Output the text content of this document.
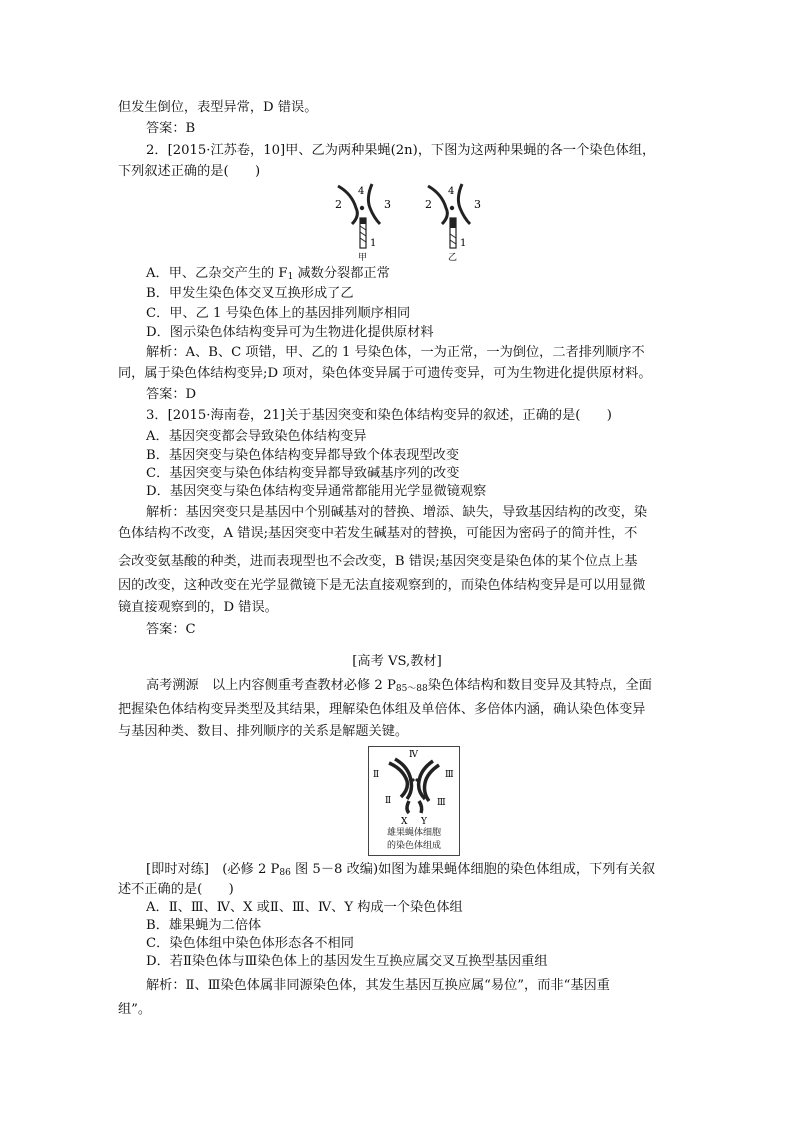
但发生倒位，表型异常，D 错误。
答案：B
2．[2015·江苏卷，10]甲、乙为两种果蝇(2n)，下图为这两种果蝇的各一个染色体组，
下列叙述正确的是(　　)
2
4
3
1
甲
2
4
3
1
乙
A．甲、乙杂交产生的 $F_1$ 减数分裂都正常
B．甲发生染色体交叉互换形成了乙
C．甲、乙 1 号染色体上的基因排列顺序相同
D．图示染色体结构变异可为生物进化提供原材料
解析：A、B、C 项错，甲、乙的 1 号染色体，一为正常，一为倒位，二者排列顺序不
同，属于染色体结构变异;D 项对，染色体变异属于可遗传变异，可为生物进化提供原材料。
答案：D
3．[2015·海南卷，21]关于基因突变和染色体结构变异的叙述，正确的是(　　)
A．基因突变都会导致染色体结构变异
B．基因突变与染色体结构变异都导致个体表现型改变
C．基因突变与染色体结构变异都导致碱基序列的改变
D．基因突变与染色体结构变异通常都能用光学显微镜观察
解析：基因突变只是基因中个别碱基对的替换、增添、缺失，导致基因结构的改变，染
色体结构不改变，A 错误;基因突变中若发生碱基对的替换，可能因为密码子的简并性，不
会改变氨基酸的种类，进而表现型也不会改变，B 错误;基因突变是染色体的某个位点上基
因的改变，这种改变在光学显微镜下是无法直接观察到的，而染色体结构变异是可以用显微
镜直接观察到的，D 错误。
答案：C
[高考 VS,教材]
高考溯源　以上内容侧重考查教材必修 2 $P_{85\sim 88}$染色体结构和数目变异及其特点，全面
把握染色体结构变异类型及其结果，理解染色体组及单倍体、多倍体内涵，确认染色体变异
与基因种类、数目、排列顺序的关系是解题关键。
Ⅳ
Ⅱ	Ⅲ
Ⅱ	Ⅲ
X Y
雄果蝇体细胞
的染色体组成
[即时对练]　(必修 2 $P_{86}$ 图 5－8 改编)如图为雄果蝇体细胞的染色体组成，下列有关叙
述不正确的是(　　)
A．Ⅱ、Ⅲ、Ⅳ、X 或Ⅱ、Ⅲ、Ⅳ、Y 构成一个染色体组
B．雄果蝇为二倍体
C．染色体组中染色体形态各不相同
D．若Ⅱ染色体与Ⅲ染色体上的基因发生互换应属交叉互换型基因重组
解析：Ⅱ、Ⅲ染色体属非同源染色体，其发生基因互换应属“易位”，而非“基因重
组”。
